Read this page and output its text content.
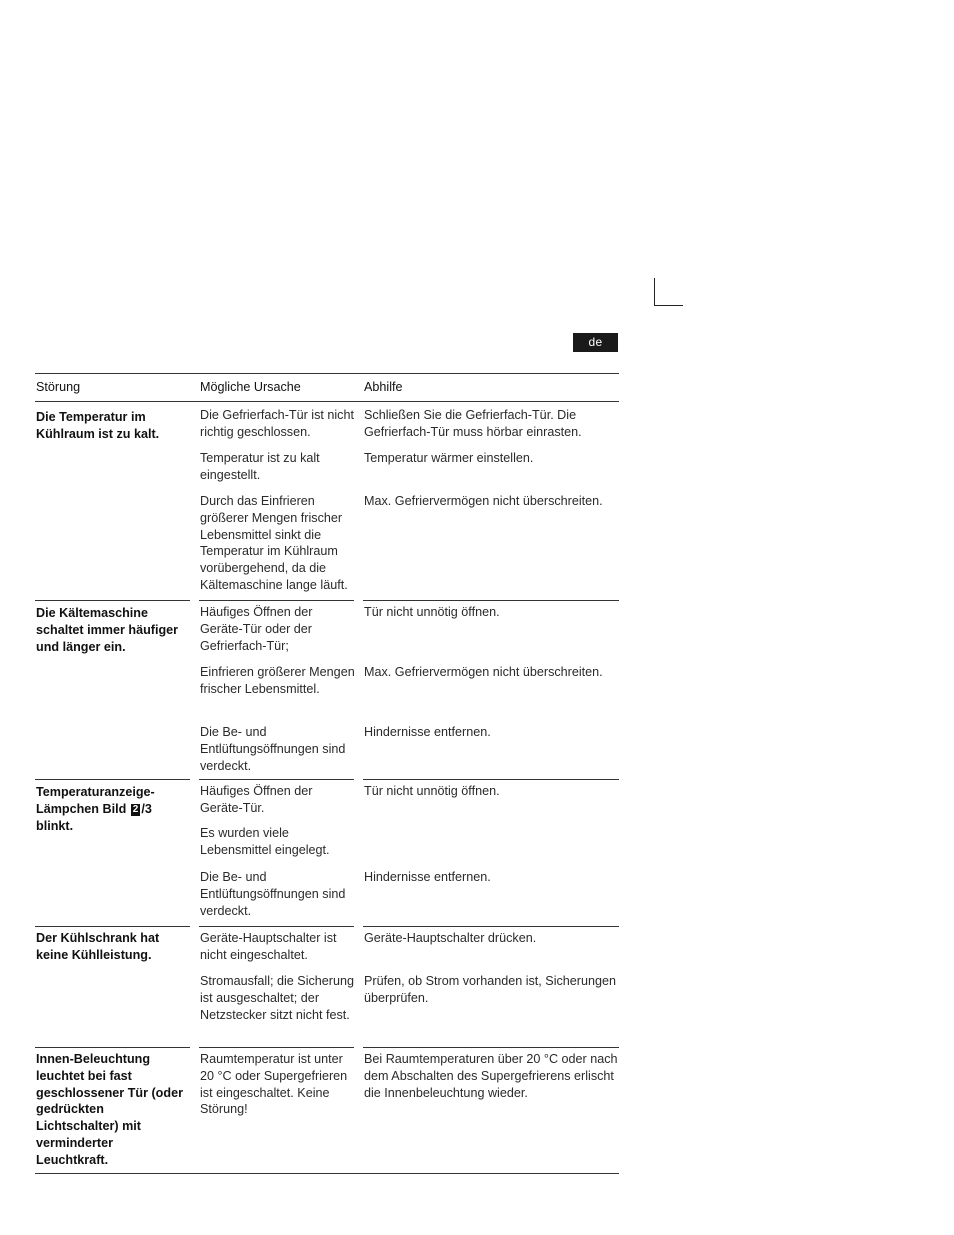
de
Störung	Mögliche Ursache	Abhilfe
Die Temperatur im Kühlraum ist zu kalt.
Die Gefrierfach-Tür ist nicht richtig geschlossen.
Schließen Sie die Gefrierfach-Tür. Die Gefrierfach-Tür muss hörbar einrasten.
Temperatur ist zu kalt eingestellt.
Temperatur wärmer einstellen.
Durch das Einfrieren größerer Mengen frischer Lebensmittel sinkt die Temperatur im Kühlraum vorübergehend, da die Kältemaschine lange läuft.
Max. Gefriervermögen nicht überschreiten.
Die Kältemaschine schaltet immer häufiger und länger ein.
Häufiges Öffnen der Geräte-Tür oder der Gefrierfach-Tür;
Tür nicht unnötig öffnen.
Einfrieren größerer Mengen frischer Lebensmittel.
Max. Gefriervermögen nicht überschreiten.
Die Be- und Entlüftungsöffnungen sind verdeckt.
Hindernisse entfernen.
Temperaturanzeige-Lämpchen Bild 2 /3 blinkt.
Häufiges Öffnen der Geräte-Tür.
Tür nicht unnötig öffnen.
Es wurden viele Lebensmittel eingelegt.
Die Be- und Entlüftungsöffnungen sind verdeckt.
Hindernisse entfernen.
Der Kühlschrank hat keine Kühlleistung.
Geräte-Hauptschalter ist nicht eingeschaltet.
Geräte-Hauptschalter drücken.
Stromausfall; die Sicherung ist ausgeschaltet; der Netzstecker sitzt nicht fest.
Prüfen, ob Strom vorhanden ist, Sicherungen überprüfen.
Innen-Beleuchtung leuchtet bei fast geschlossener Tür (oder gedrückten Lichtschalter) mit verminderter Leuchtkraft.
Raumtemperatur ist unter 20 °C oder Supergefrieren ist eingeschaltet. Keine Störung!
Bei Raumtemperaturen über 20 °C oder nach dem Abschalten des Supergefrierens erlischt die Innenbeleuchtung wieder.
